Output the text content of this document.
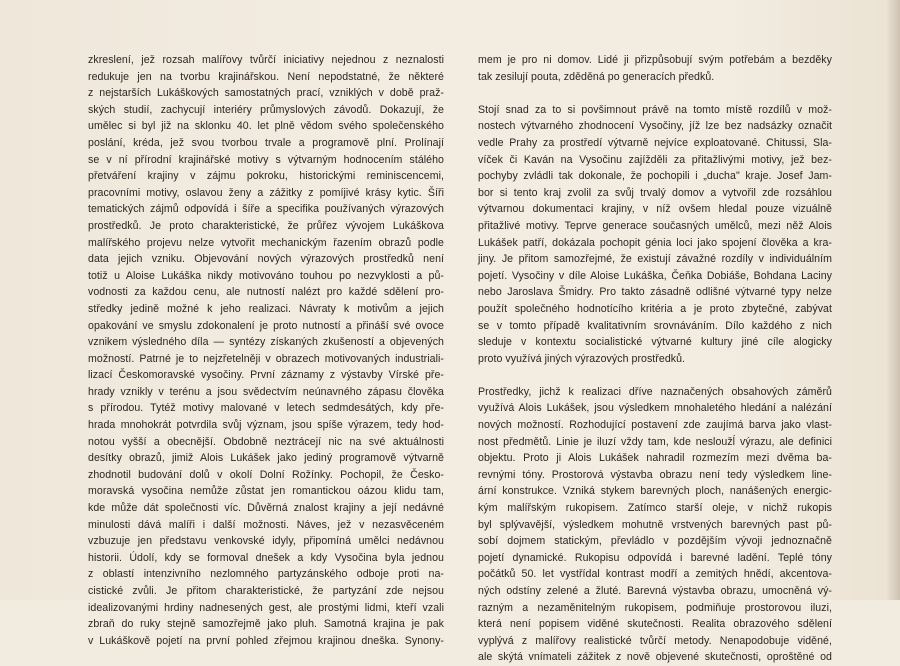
zkreslení, jež rozsah malířovy tvůrčí iniciativy nejednou z neznalosti
redukuje jen na tvorbu krajinářskou. Není nepodstatné, že některé
z nejstarších Lukáškových samostatných prací, vzniklých v době praž-
ských studií, zachycují interiéry průmyslových závodů. Dokazují, že
umělec si byl již na sklonku 40. let plně vědom svého společenského
poslání, kréda, jež svou tvorbou trvale a programově plní. Prolínají
se v ní přírodní krajinářské motivy s výtvarným hodnocením stálého
přetváření krajiny v zájmu pokroku, historickými reminiscencemi,
pracovními motivy, oslavou ženy a zážitky z pomíjivé krásy kytic. Šíři
tematických zájmů odpovídá i šíře a specifika používaných výrazových
prostředků. Je proto charakteristické, že průřez vývojem Lukáškova
malířského projevu nelze vytvořit mechanickým řazením obrazů podle
data jejich vzniku. Objevování nových výrazových prostředků není
totiž u Aloise Lukáška nikdy motivováno touhou po nezvyklosti a pů-
vodnosti za každou cenu, ale nutností nalézt pro každé sdělení pro-
středky jedině možné k jeho realizaci. Návraty k motivům a jejich
opakování ve smyslu zdokonalení je proto nutností a přináší své ovoce
vznikem výsledného díla — syntézy získaných zkušeností a objevených
možností. Patrné je to nejzřetelněji v obrazech motivovaných industriali-
lizací Českomoravské vysočiny. První záznamy z výstavby Vírské pře-
hrady vznikly v terénu a jsou svědectvím neúnavného zápasu člověka
s přírodou. Tytéž motivy malované v letech sedmdesátých, kdy pře-
hrada mnohokrát potvrdila svůj význam, jsou spíše výrazem, tedy hod-
notou vyšší a obecnější. Obdobně neztrácejí nic na své aktuálnosti
desítky obrazů, jimiž Alois Lukášek jako jediný programově výtvarně
zhodnotil budování dolů v okolí Dolní Rožínky. Pochopil, že Česko-
moravská vysočina nemůže zůstat jen romantickou oázou klidu tam,
kde může dát společnosti víc. Důvěrná znalost krajiny a její nedávné
minulosti dává malíři i další možnosti. Náves, jež v nezasvěceném
vzbuzuje jen představu venkovské idyly, připomíná umělci nedávnou
historii. Údolí, kdy se formoval dnešek a kdy Vysočina byla jednou
z oblastí intenzivního nezlomného partyzánského odboje proti na-
cistické zvůli. Je přitom charakteristické, že partyzání zde nejsou
idealizovanými hrdiny nadnesených gest, ale prostými lidmi, kteří vzali
zbraň do ruky stejně samozřejmě jako pluh. Samotná krajina je pak
v Lukáškově pojetí na první pohled zřejmou krajinou dneška. Synony-

mem je pro ni domov. Lidé ji přizpůsobují svým potřebám a bezděky
tak zesilují pouta, zděděná po generacích předků.

Stojí snad za to si povšimnout právě na tomto místě rozdílů v mož-
nostech výtvarného zhodnocení Vysočiny, jíž lze bez nadsázky označit
vedle Prahy za prostředí výtvarně nejvíce exploatované. Chitussi, Sla-
víček či Kaván na Vysočinu zajížděli za přitažlivými motivy, jež bez-
pochyby zvládli tak dokonale, že pochopili i „ducha" kraje. Josef Jam-
bor si tento kraj zvolil za svůj trvalý domov a vytvořil zde rozsáhlou
výtvarnou dokumentaci krajiny, v níž ovšem hledal pouze vizuálně
přitažlivé motivy. Teprve generace současných umělců, mezi něž Alois
Lukášek patří, dokázala pochopit génia loci jako spojení člověka a kra-
jiny. Je přitom samozřejmé, že existují závažné rozdíly v individuálním
pojetí. Vysočiny v díle Aloise Lukáška, Čeňka Dobiáše, Bohdana Laciny
nebo Jaroslava Šmidry. Pro takto zásadně odlišné výtvarné typy nelze
použít společného hodnotícího kritéria a je proto zbytečné, zabývat
se v tomto případě kvalitativním srovnáváním. Dílo každého z nich
sleduje v kontextu socialistické výtvarné kultury jiné cíle alogicky
proto využívá jiných výrazových prostředků.

Prostředky, jichž k realizaci dříve naznačených obsahových záměrů
využívá Alois Lukášek, jsou výsledkem mnohaletého hledání a nalézání
nových možností. Rozhodující postavení zde zaujímá barva jako vlast-
nost předmětů. Linie je iluzí vždy tam, kde nesloužĺ výrazu, ale definici
objektu. Proto ji Alois Lukášek nahradil rozmezím mezi dvěma ba-
revnými tóny. Prostorová výstavba obrazu není tedy výsledkem line-
ární konstrukce. Vzniká stykem barevných ploch, nanášených energic-
kým malířským rukopisem. Zatímco starší oleje, v nichž rukopis
byl splývavější, výsledkem mohutně vrstvených barevných past pů-
sobí dojmem statickým, převládlo v pozdějším vývoji jednoznačně
pojetí dynamické. Rukopisu odpovídá i barevné ladění. Teplé tóny
počátků 50. let vystřídal kontrast modří a zemitých hnědí, akcentova-
ných odstíny zelené a žluté. Barevná výstavba obrazu, umocněná vý-
razným a nezaměnitelným rukopisem, podmiňuje prostorovou iluzi,
která není popisem viděné skutečnosti. Realita obrazového sdělení
vyplývá z malířovy realistické tvůrčí metody. Nenapodobuje viděné,
ale skýtá vnímateli zážitek z nově objevené skutečnosti, oproštěné od
